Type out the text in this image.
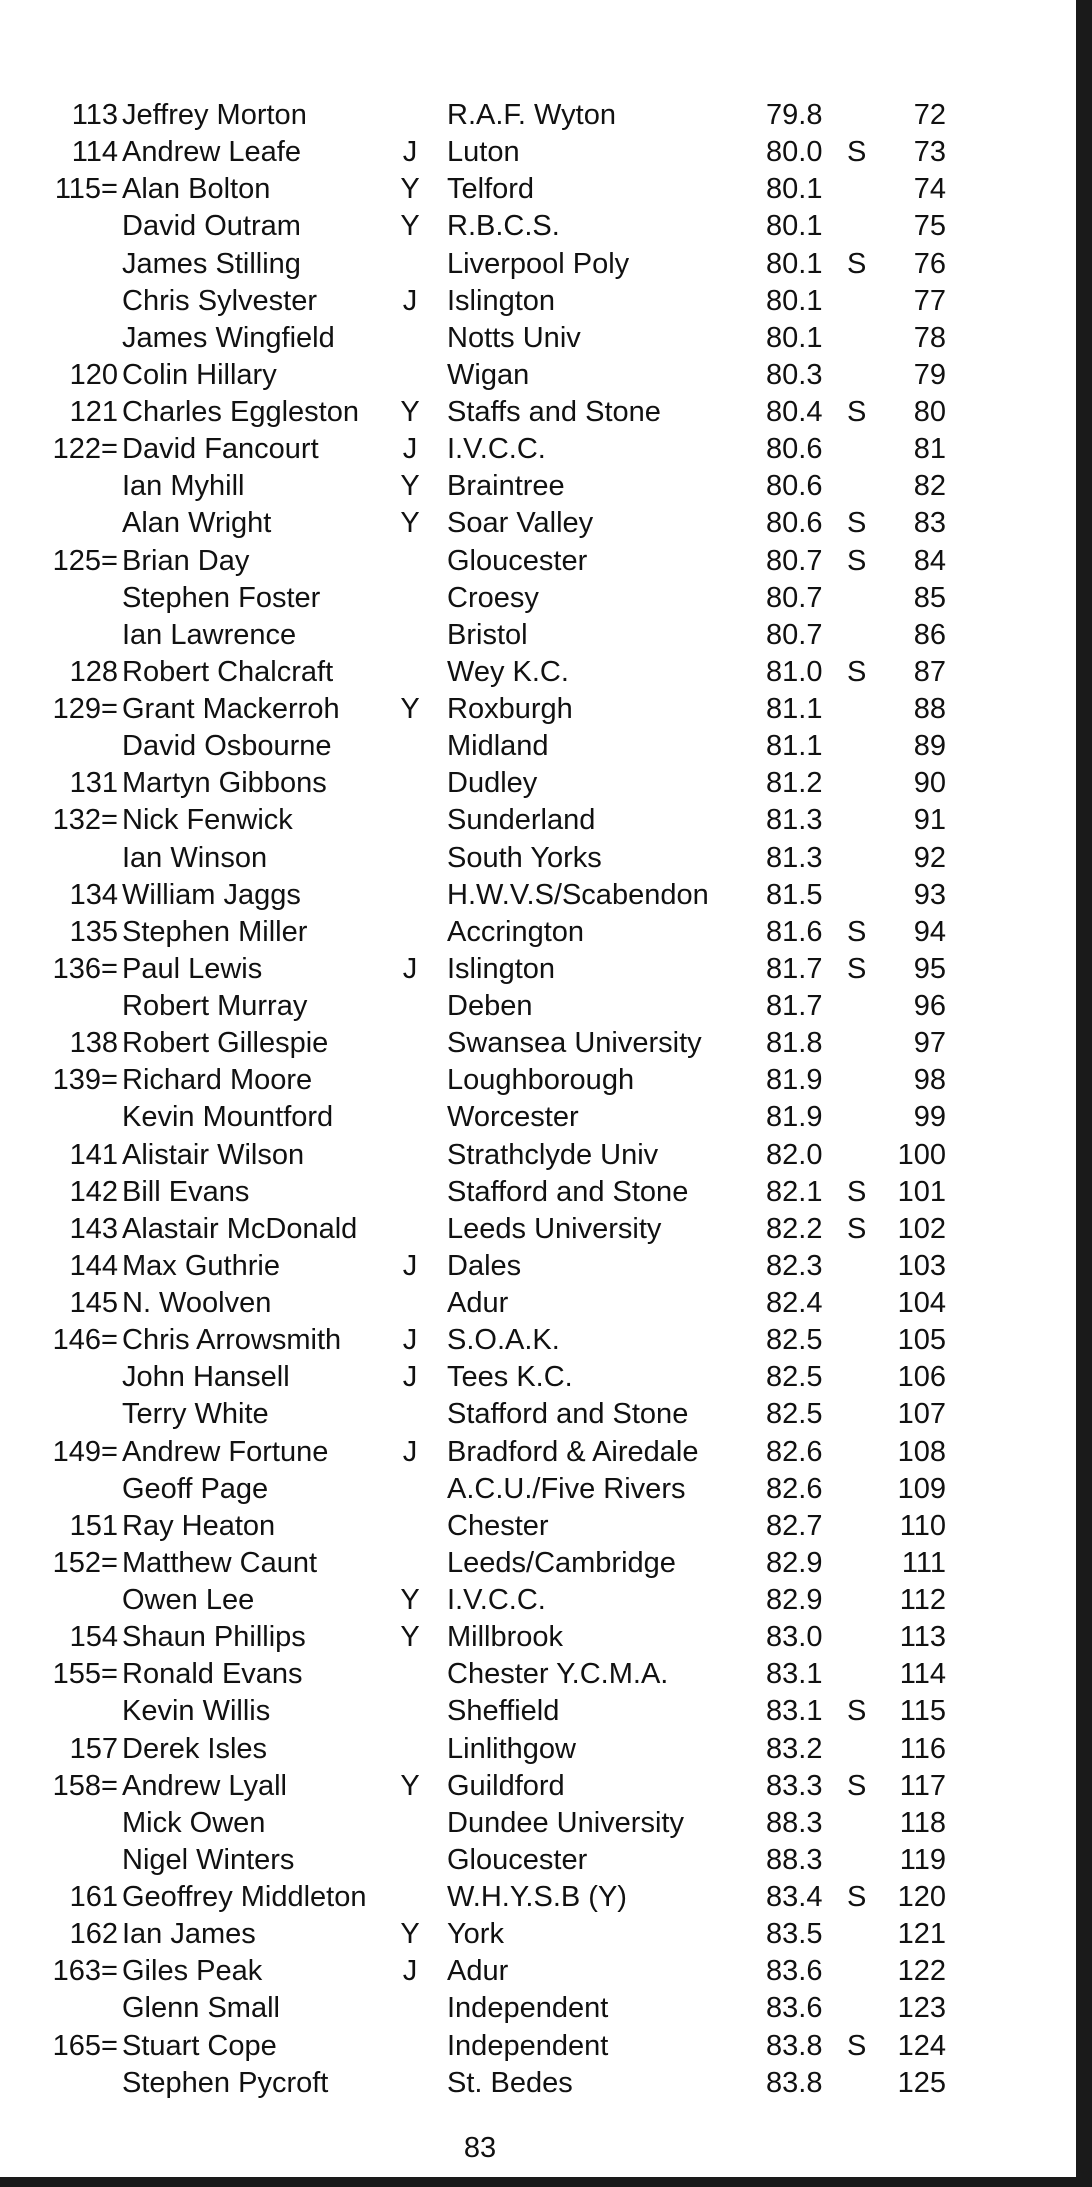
113 Jeffrey Morton	R.A.F. Wyton	79.8	72
114 Andrew Leafe	J Luton	80.0 S	73
115= Alan Bolton	Y Telford	80.1	74
David Outram	Y R.B.C.S.	80.1	75
James Stilling	Liverpool Poly	80.1 S	76
Chris Sylvester	J Islington	80.1	77
James Wingfield	Notts Univ	80.1	78
120 Colin Hillary	Wigan	80.3	79
121 Charles Eggleston Y Staffs and Stone	80.4 S	80
122= David Fancourt	J I.V.C.C.	80.6	81
Ian Myhill	Y Braintree	80.6	82
Alan Wright	Y Soar Valley	80.6 S	83
125= Brian Day	Gloucester	80.7 S	84
Stephen Foster	Croesy	80.7	85
Ian Lawrence	Bristol	80.7	86
128 Robert Chalcraft	Wey K.C.	81.0 S	87
129= Grant Mackerroh Y Roxburgh	81.1	88
David Osbourne	Midland	81.1	89
131 Martyn Gibbons	Dudley	81.2	90
132= Nick Fenwick	Sunderland	81.3	91
Ian Winson	South Yorks	81.3	92
134 William Jaggs	H.W.V.S/Scabendon 81.5	93
135 Stephen Miller	Accrington	81.6 S	94
136= Paul Lewis	J Islington	81.7 S	95
Robert Murray	Deben	81.7	96
138 Robert Gillespie	Swansea University 81.8	97
139= Richard Moore	Loughborough	81.9	98
Kevin Mountford	Worcester	81.9	99
141 Alistair Wilson	Strathclyde Univ	82.0	100
142 Bill Evans	Stafford and Stone	82.1 S	101
143 Alastair McDonald	Leeds University	82.2 S	102
144 Max Guthrie	J Dales	82.3	103
145 N. Woolven	Adur	82.4	104
146= Chris Arrowsmith J S.O.A.K.	82.5	105
John Hansell	J Tees K.C.	82.5	106
Terry White	Stafford and Stone	82.5	107
149= Andrew Fortune	J Bradford & Airedale 82.6	108
Geoff Page	A.C.U./Five Rivers	82.6	109
151 Ray Heaton	Chester	82.7	110
152= Matthew Caunt	Leeds/Cambridge	82.9	111
Owen Lee	Y I.V.C.C.	82.9	112
154 Shaun Phillips	Y Millbrook	83.0	113
155= Ronald Evans	Chester Y.C.M.A.	83.1	114
Kevin Willis	Sheffield	83.1 S	115
157 Derek Isles	Linlithgow	83.2	116
158= Andrew Lyall	Y Guildford	83.3 S	117
Mick Owen	Dundee University	88.3	118
Nigel Winters	Gloucester	88.3	119
161 Geoffrey Middleton	W.H.Y.S.B (Y)	83.4 S	120
162 Ian James	Y York	83.5	121
163= Giles Peak	J Adur	83.6	122
Glenn Small	Independent	83.6	123
165= Stuart Cope	Independent	83.8 S	124
Stephen Pycroft	St. Bedes	83.8	125
83
